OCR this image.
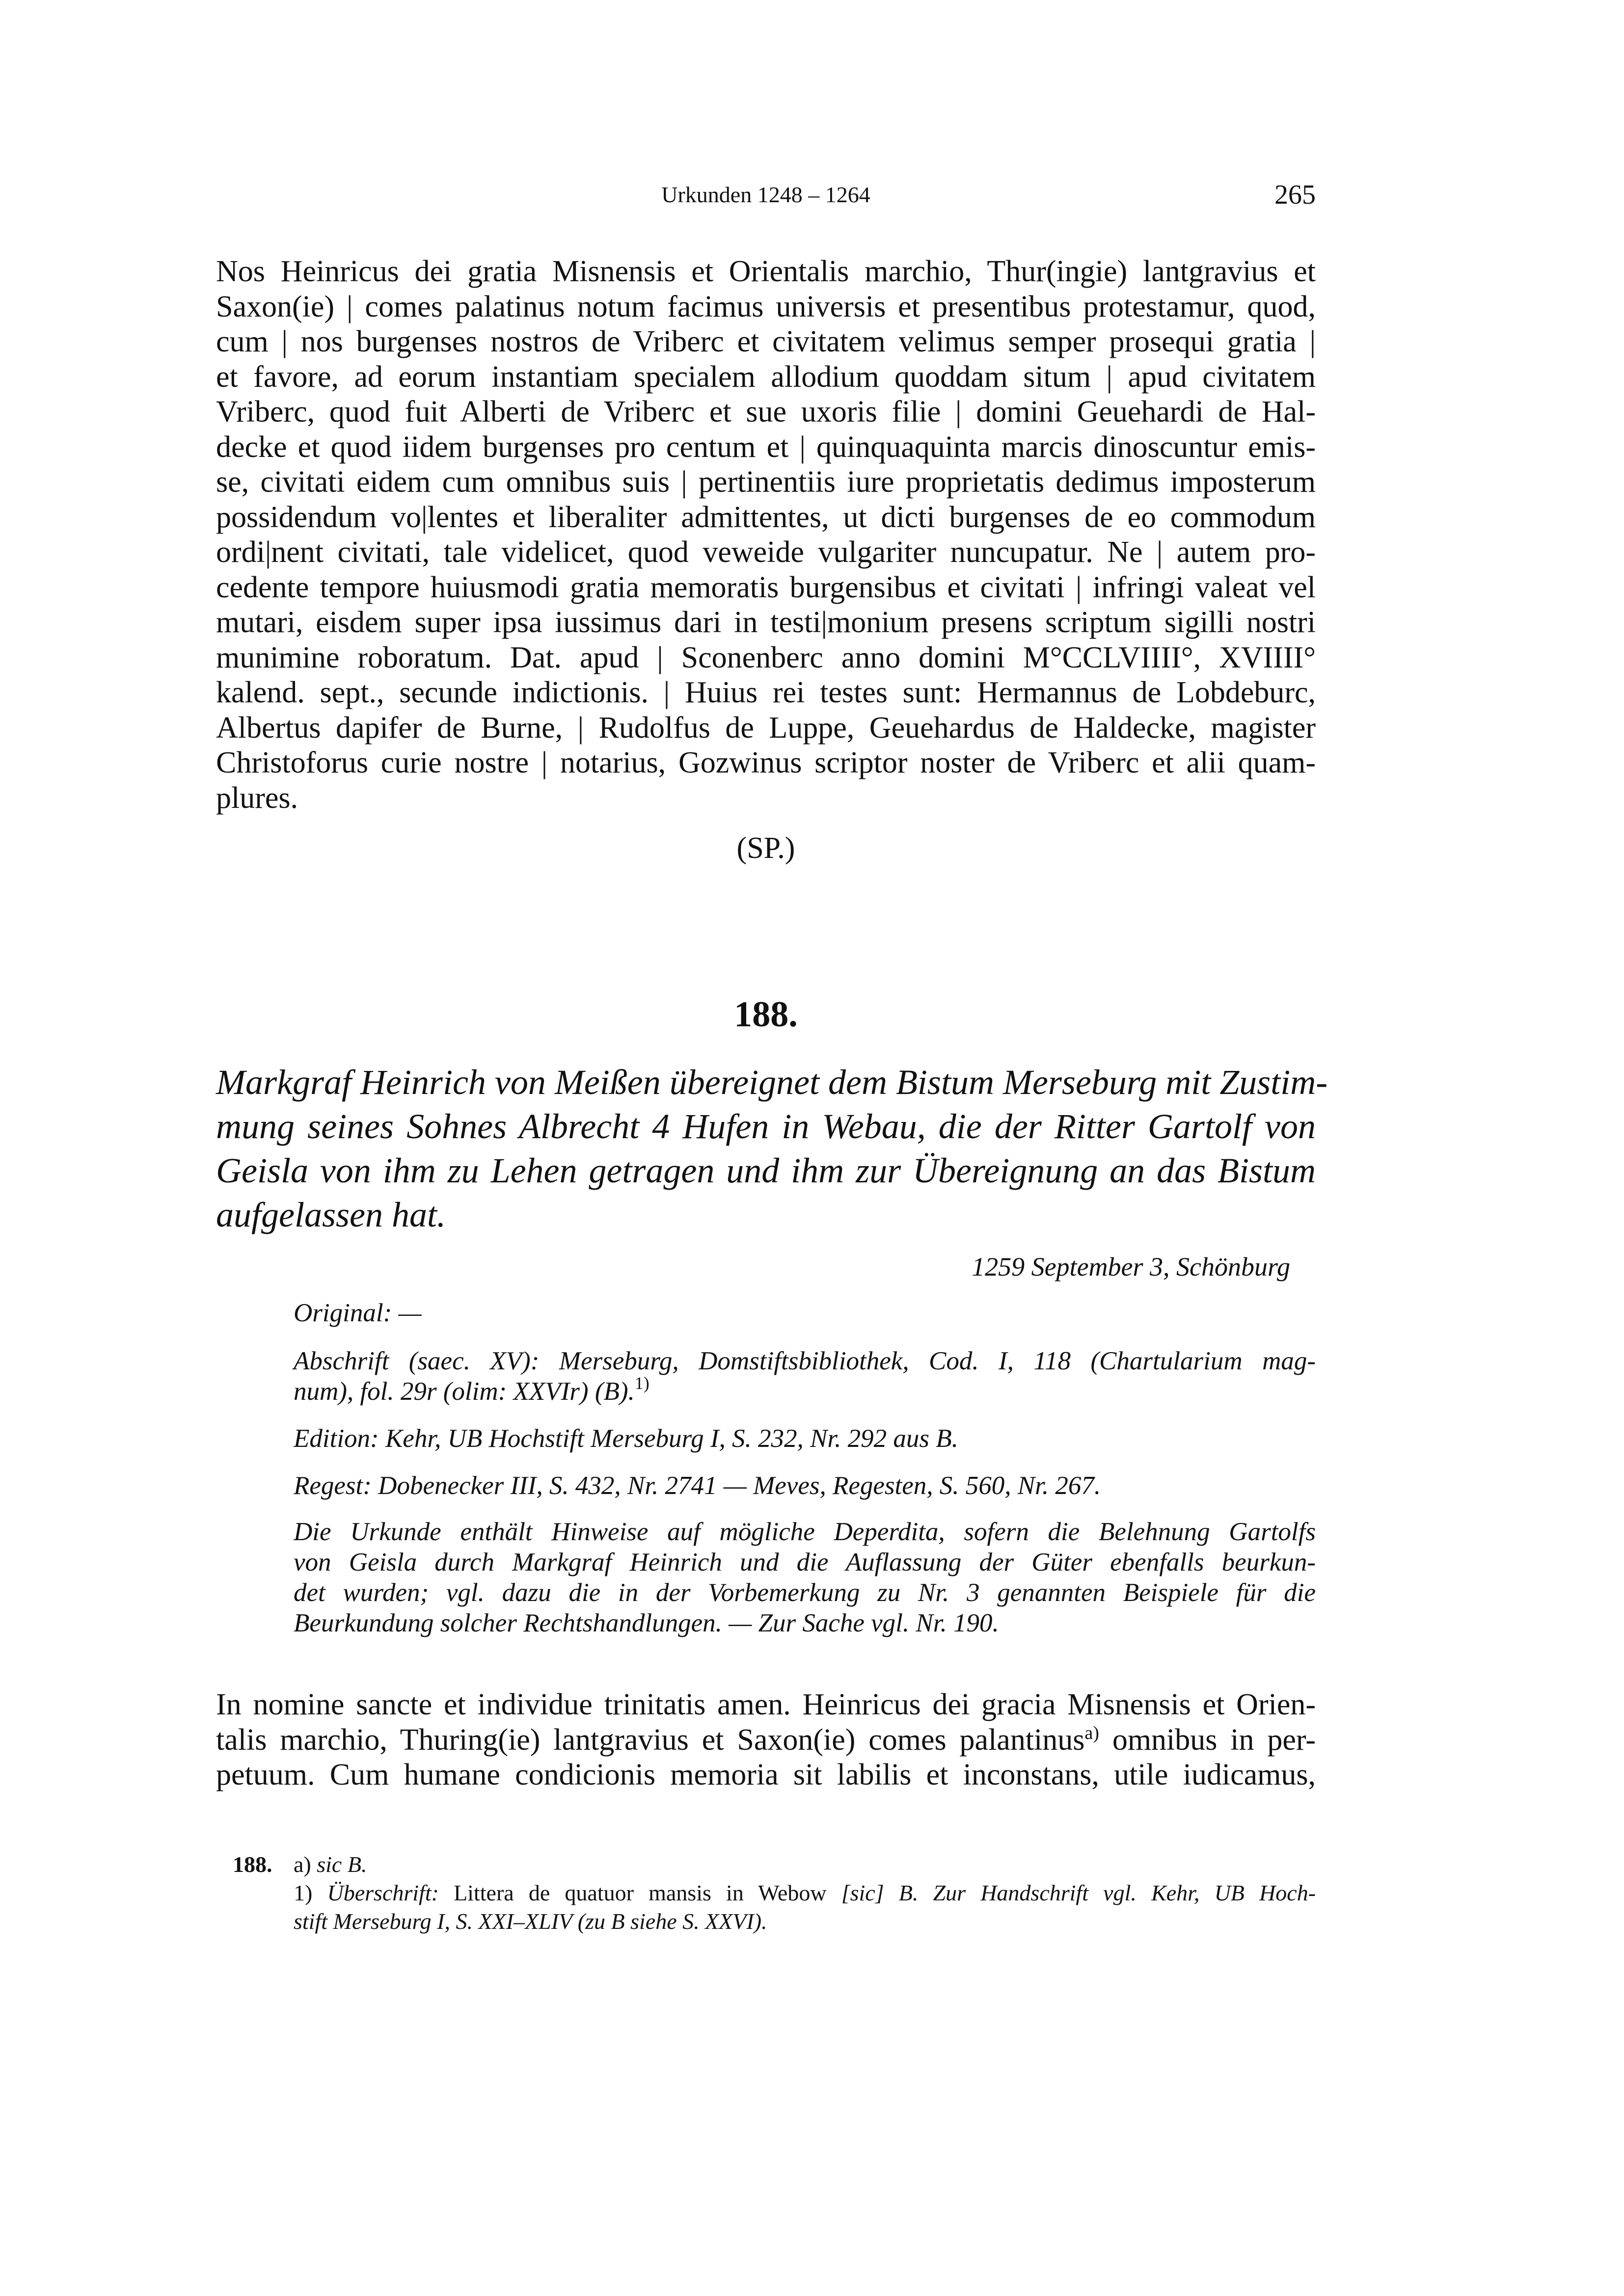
Urkunden 1248 – 1264	265
Nos Heinricus dei gratia Misnensis et Orientalis marchio, Thur(ingie) lantgravius et
Saxon(ie) | comes palatinus notum facimus universis et presentibus protestamur, quod,
cum | nos burgenses nostros de Vriberc et civitatem velimus semper prosequi gratia |
et favore, ad eorum instantiam specialem allodium quoddam situm | apud civitatem
Vriberc, quod fuit Alberti de Vriberc et sue uxoris filie | domini Geuehardi de Hal-
decke et quod iidem burgenses pro centum et | quinquaquinta marcis dinoscuntur emis-
se, civitati eidem cum omnibus suis | pertinentiis iure proprietatis dedimus imposterum
possidendum vo|lentes et liberaliter admittentes, ut dicti burgenses de eo commodum
ordi|nent civitati, tale videlicet, quod veweide vulgariter nuncupatur. Ne | autem pro-
cedente tempore huiusmodi gratia memoratis burgensibus et civitati | infringi valeat vel
mutari, eisdem super ipsa iussimus dari in testi|monium presens scriptum sigilli nostri
munimine roboratum. Dat. apud | Sconenberc anno domini M°CCLVIIII°, XVIIII°
kalend. sept., secunde indictionis. | Huius rei testes sunt: Hermannus de Lobdeburc,
Albertus dapifer de Burne, | Rudolfus de Luppe, Geuehardus de Haldecke, magister
Christoforus curie nostre | notarius, Gozwinus scriptor noster de Vriberc et alii quam-
plures.
(SP.)
188.
Markgraf Heinrich von Meißen übereignet dem Bistum Merseburg mit Zustim-
mung seines Sohnes Albrecht 4 Hufen in Webau, die der Ritter Gartolf von
Geisla von ihm zu Lehen getragen und ihm zur Übereignung an das Bistum
aufgelassen hat.
1259 September 3, Schönburg
Original: —
Abschrift (saec. XV): Merseburg, Domstiftsbibliothek, Cod. I, 118 (Chartularium mag-
num), fol. 29r (olim: XXVIr) (B).$^{1)}$
Edition: Kehr, UB Hochstift Merseburg I, S. 232, Nr. 292 aus B.
Regest: Dobenecker III, S. 432, Nr. 2741 — Meves, Regesten, S. 560, Nr. 267.
Die Urkunde enthält Hinweise auf mögliche Deperdita, sofern die Belehnung Gartolfs
von Geisla durch Markgraf Heinrich und die Auflassung der Güter ebenfalls beurkun-
det wurden; vgl. dazu die in der Vorbemerkung zu Nr. 3 genannten Beispiele für die
Beurkundung solcher Rechtshandlungen. — Zur Sache vgl. Nr. 190.
In nomine sancte et individue trinitatis amen. Heinricus dei gracia Misnensis et Orien-
talis marchio, Thuring(ie) lantgravius et Saxon(ie) comes palantinus$^{a)}$ omnibus in per-
petuum. Cum humane condicionis memoria sit labilis et inconstans, utile iudicamus,
188. a) sic B.
1) Überschrift: Littera de quatuor mansis in Webow [sic] B. Zur Handschrift vgl. Kehr, UB Hoch-
stift Merseburg I, S. XXI–XLIV (zu B siehe S. XXVI).
